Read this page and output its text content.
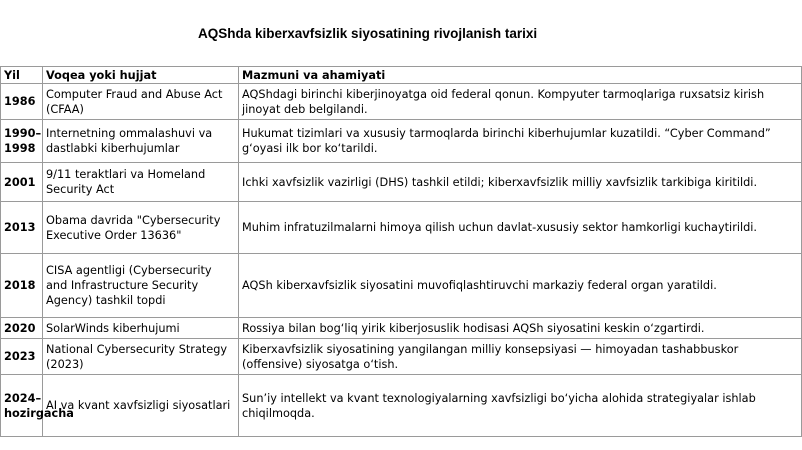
AQShda kiberxavfsizlik siyosatining rivojlanish tarixi
Yil	Voqea yoki hujjat	Mazmuni va ahamiyati
1986	Computer Fraud and Abuse Act (CFAA)	AQShdagi birinchi kiberjinoyatga oid federal qonun. Kompyuter tarmoqlariga ruxsatsiz kirish jinoyat deb belgilandi.
1990–1998	Internetning ommalashuvi va dastlabki kiberhujumlar	Hukumat tizimlari va xususiy tarmoqlarda birinchi kiberhujumlar kuzatildi. “Cyber Command” g‘oyasi ilk bor ko‘tarildi.
2001	9/11 teraktlari va Homeland Security Act	Ichki xavfsizlik vazirligi (DHS) tashkil etildi; kiberxavfsizlik milliy xavfsizlik tarkibiga kiritildi.
2013	Obama davrida "Cybersecurity Executive Order 13636"	Muhim infratuzilmalarni himoya qilish uchun davlat-xususiy sektor hamkorligi kuchaytirildi.
2018	CISA agentligi (Cybersecurity and Infrastructure Security Agency) tashkil topdi	AQSh kiberxavfsizlik siyosatini muvofiqlashtiruvchi markaziy federal organ yaratildi.
2020	SolarWinds kiberhujumi	Rossiya bilan bog‘liq yirik kiberjosuslik hodisasi AQSh siyosatini keskin o‘zgartirdi.
2023	National Cybersecurity Strategy (2023)	Kiberxavfsizlik siyosatining yangilangan milliy konsepsiyasi — himoyadan tashabbuskor (offensive) siyosatga o‘tish.
2024–hozirgacha	AI va kvant xavfsizligi siyosatlari	Sun’iy intellekt va kvant texnologiyalarning xavfsizligi bo‘yicha alohida strategiyalar ishlab chiqilmoqda.
